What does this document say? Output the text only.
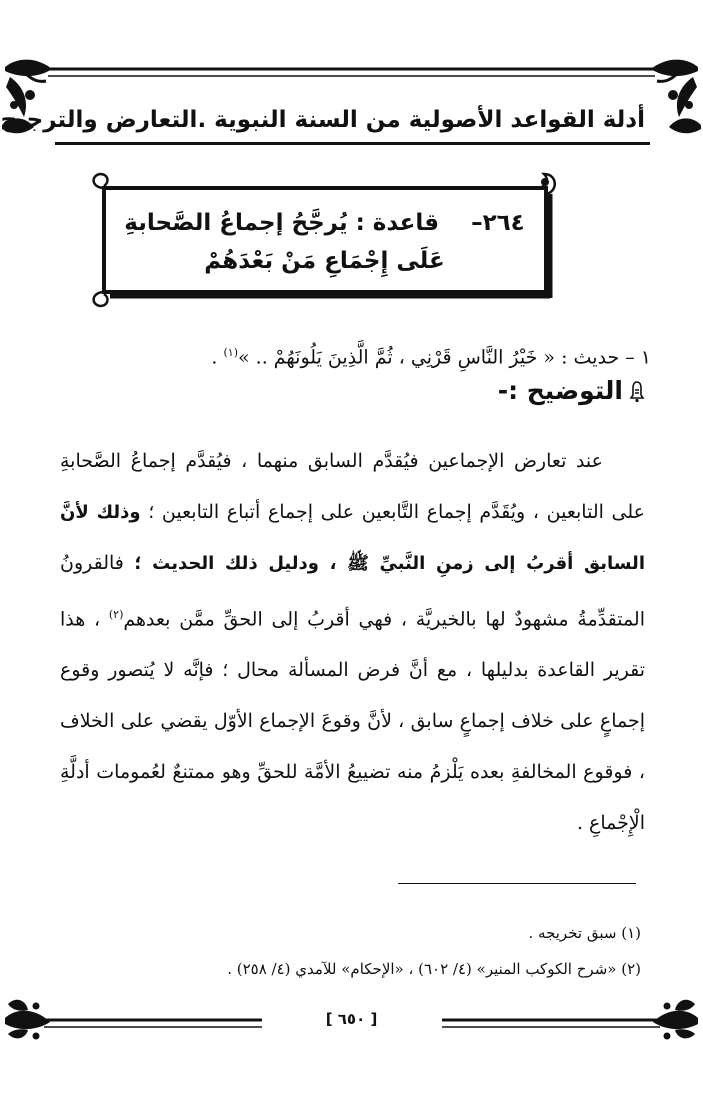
أدلة القواعد الأصولية من السنة النبوية .التعارض والترجيح
٢٦٤–    قاعدة : يُرجَّحُ إجماعُ الصَّحابةِ
عَلَى إِجْمَاعِ مَنْ بَعْدَهُمْ
١ – حديث : « خَيْرُ النَّاسِ قَرْنِي ، ثُمَّ الَّذِينَ يَلُونَهُمْ .. »$^{(١)}$ .
التوضيح :-

عند تعارض الإجماعين فيُقدَّم السابق منهما ، فيُقدَّم إجماعُ الصَّحابةِ على التابعين ، ويُقَدَّم إجماع التَّابعين على إجماع أتباع التابعين ؛ وذلك لأنَّ السابق أقربُ إلى زمنِ النَّبيِّ ﷺ ، ودليل ذلك الحديث ؛ فالقرونُ المتقدِّمةُ مشهودٌ لها بالخيريَّة ، فهي أقربُ إلى الحقِّ ممَّن بعدهم$^{(٢)}$ ، هذا تقرير القاعدة بدليلها ، مع أنَّ فرض المسألة محال ؛ فإنَّه لا يُتصور وقوع إجماعٍ على خلاف إجماعٍ سابق ، لأنَّ وقوعَ الإجماع الأوّل يقضي على الخلاف ، فوقوع المخالفةِ بعده يَلْزمُ منه تضييعُ الأمَّة للحقِّ وهو ممتنعٌ لعُمومات أدلَّةِ الْإِجْماعِ .

(١) سبق تخريجه .
(٢) «شرح الكوكب المنير» (٤/ ٦٠٢) ، «الإحكام» للآمدي (٤/ ٢٥٨) .
[ ٦٥٠ ]
